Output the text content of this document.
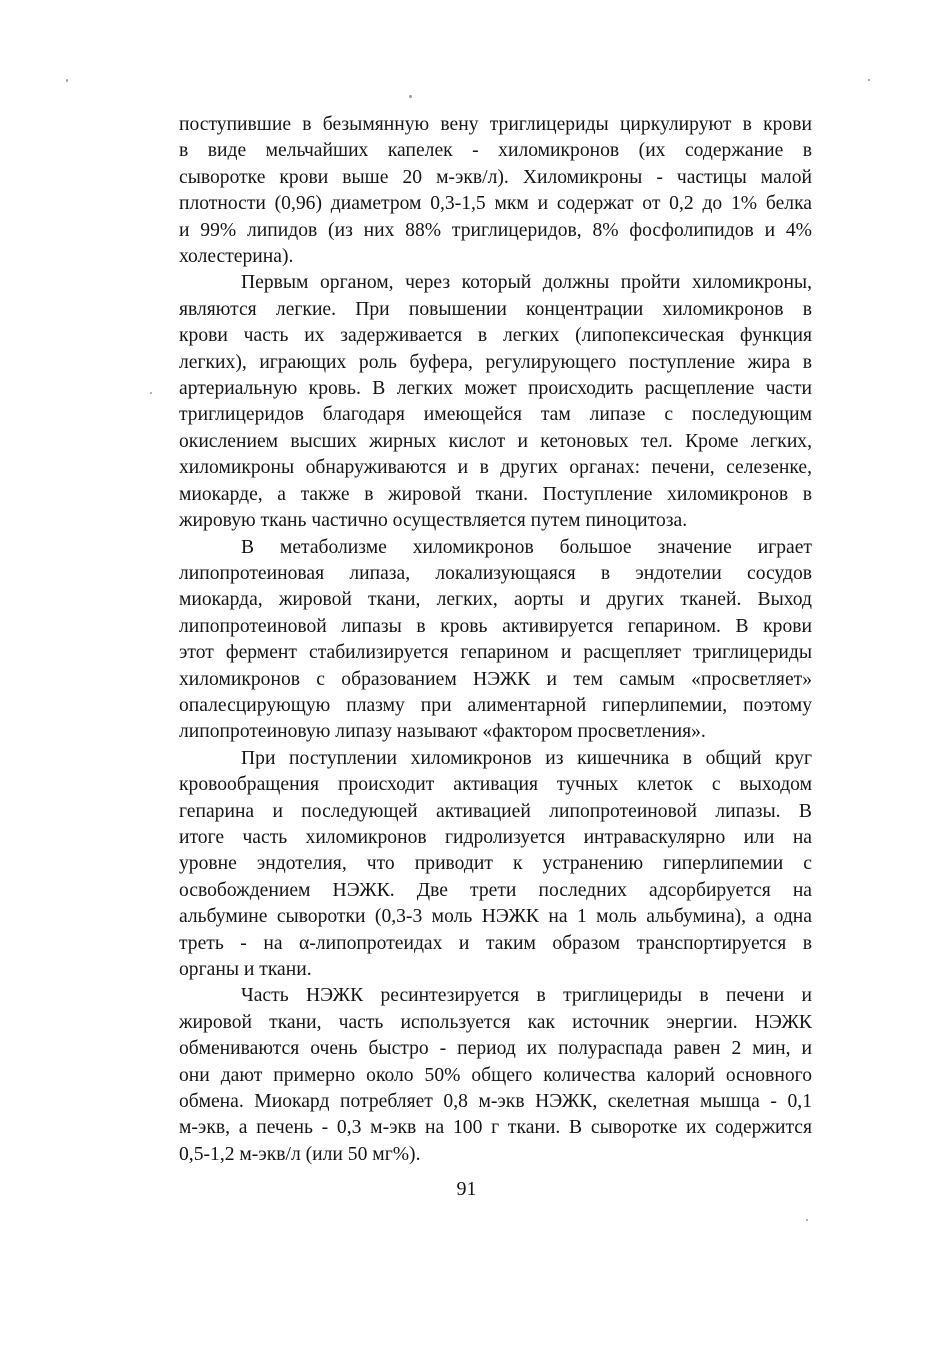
поступившие в безымянную вену триглицериды циркулируют в крови
в виде мельчайших капелек - хиломикронов (их содержание в
сыворотке крови выше 20 м-экв/л). Хиломикроны - частицы малой
плотности (0,96) диаметром 0,3-1,5 мкм и содержат от 0,2 до 1% белка
и 99% липидов (из них 88% триглицеридов, 8% фосфолипидов и 4%
холестерина).

Первым органом, через который должны пройти хиломикроны,
являются легкие. При повышении концентрации хиломикронов в
крови часть их задерживается в легких (липопексическая функция
легких), играющих роль буфера, регулирующего поступление жира в
артериальную кровь. В легких может происходить расщепление части
триглицеридов благодаря имеющейся там липазе с последующим
окислением высших жирных кислот и кетоновых тел. Кроме легких,
хиломикроны обнаруживаются и в других органах: печени, селезенке,
миокарде, а также в жировой ткани. Поступление хиломикронов в
жировую ткань частично осуществляется путем пиноцитоза.

В метаболизме хиломикронов большое значение играет
липопротеиновая липаза, локализующаяся в эндотелии сосудов
миокарда, жировой ткани, легких, аорты и других тканей. Выход
липопротеиновой липазы в кровь активируется гепарином. В крови
этот фермент стабилизируется гепарином и расщепляет триглицериды
хиломикронов с образованием НЭЖК и тем самым «просветляет»
опалесцирующую плазму при алиментарной гиперлипемии, поэтому
липопротеиновую липазу называют «фактором просветления».

При поступлении хиломикронов из кишечника в общий круг
кровообращения происходит активация тучных клеток с выходом
гепарина и последующей активацией липопротеиновой липазы. В
итоге часть хиломикронов гидролизуется интраваскулярно или на
уровне эндотелия, что приводит к устранению гиперлипемии с
освобождением НЭЖК. Две трети последних адсорбируется на
альбумине сыворотки (0,3-3 моль НЭЖК на 1 моль альбумина), а одна
треть - на α-липопротеидах и таким образом транспортируется в
органы и ткани.

Часть НЭЖК ресинтезируется в триглицериды в печени и
жировой ткани, часть используется как источник энергии. НЭЖК
обмениваются очень быстро - период их полураспада равен 2 мин, и
они дают примерно около 50% общего количества калорий основного
обмена. Миокард потребляет 0,8 м-экв НЭЖК, скелетная мышца - 0,1
м-экв, а печень - 0,3 м-экв на 100 г ткани. В сыворотке их содержится
0,5-1,2 м-экв/л (или 50 мг%).

91
